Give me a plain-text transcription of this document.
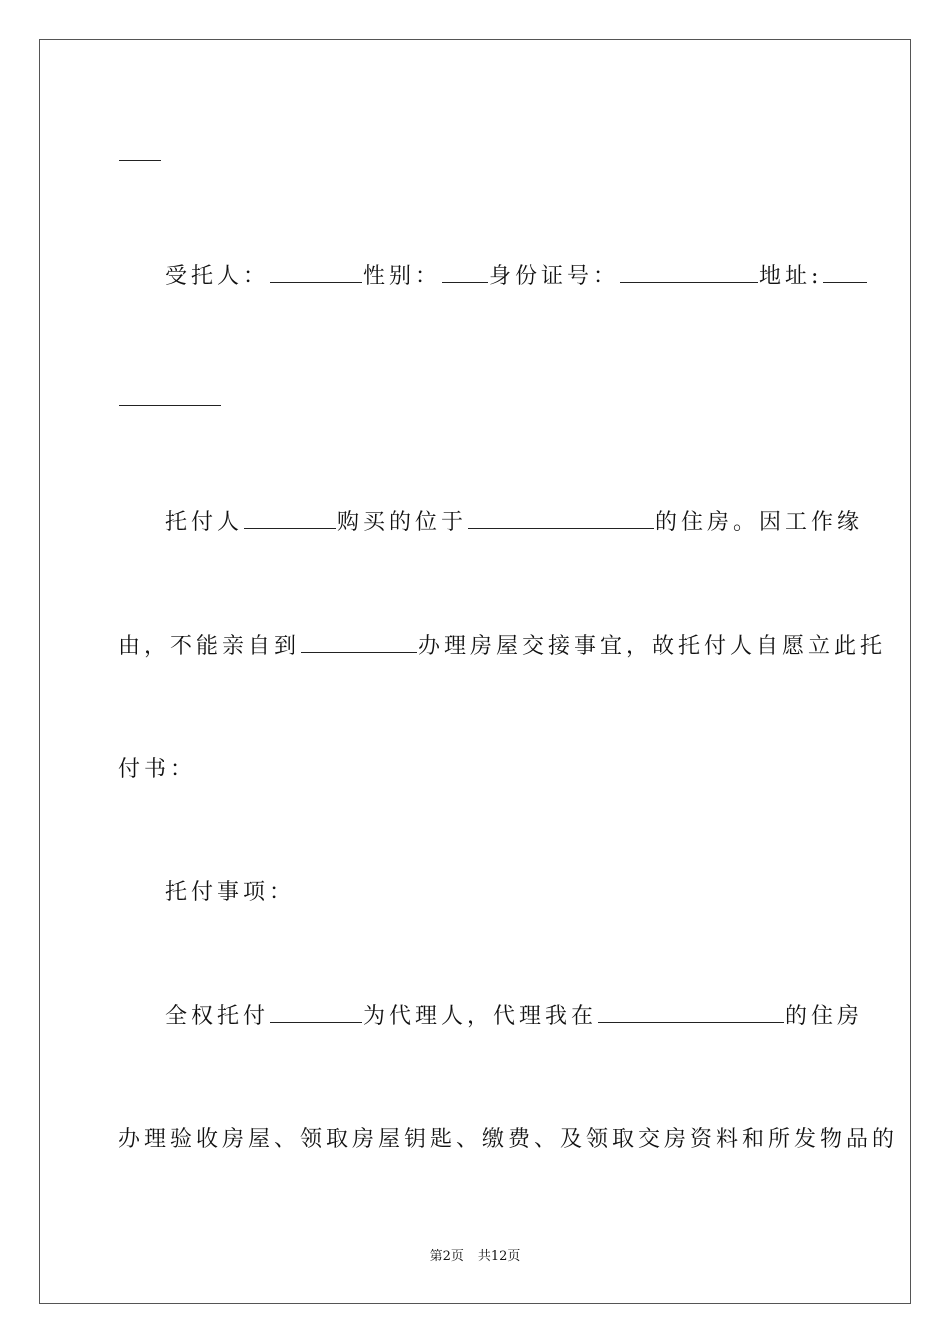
受托人：	性别： 身份证号：	地址:
托付人	购买的位于	的住房。因工作缘
由，不能亲自到	办理房屋交接事宜，故托付人自愿立此托
付书：
托付事项：
全权托付	为代理人，代理我在	的住房
办理验收房屋、领取房屋钥匙、缴费、及领取交房资料和所发物品的
第2页 共12页
